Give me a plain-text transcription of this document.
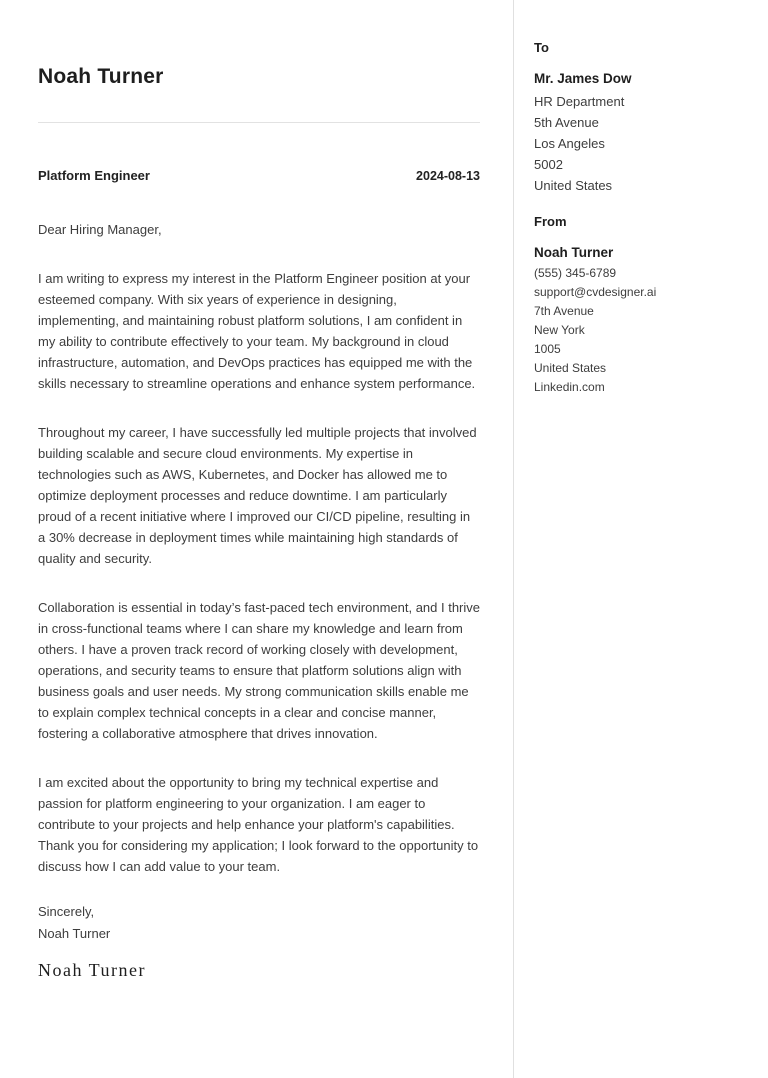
Noah Turner
Platform Engineer	2024-08-13

Dear Hiring Manager,

I am writing to express my interest in the Platform Engineer position at your esteemed company. With six years of experience in designing, implementing, and maintaining robust platform solutions, I am confident in my ability to contribute effectively to your team. My background in cloud infrastructure, automation, and DevOps practices has equipped me with the skills necessary to streamline operations and enhance system performance.

Throughout my career, I have successfully led multiple projects that involved building scalable and secure cloud environments. My expertise in technologies such as AWS, Kubernetes, and Docker has allowed me to optimize deployment processes and reduce downtime. I am particularly proud of a recent initiative where I improved our CI/CD pipeline, resulting in a 30% decrease in deployment times while maintaining high standards of quality and security.

Collaboration is essential in today’s fast-paced tech environment, and I thrive in cross-functional teams where I can share my knowledge and learn from others. I have a proven track record of working closely with development, operations, and security teams to ensure that platform solutions align with business goals and user needs. My strong communication skills enable me to explain complex technical concepts in a clear and concise manner, fostering a collaborative atmosphere that drives innovation.

I am excited about the opportunity to bring my technical expertise and passion for platform engineering to your organization. I am eager to contribute to your projects and help enhance your platform's capabilities. Thank you for considering my application; I look forward to the opportunity to discuss how I can add value to your team.

Sincerely,
Noah Turner

Noah Turner

To
Mr. James Dow
HR Department
5th Avenue
Los Angeles
5002
United States
From
Noah Turner
(555) 345-6789
support@cvdesigner.ai
7th Avenue
New York
1005
United States
Linkedin.com
